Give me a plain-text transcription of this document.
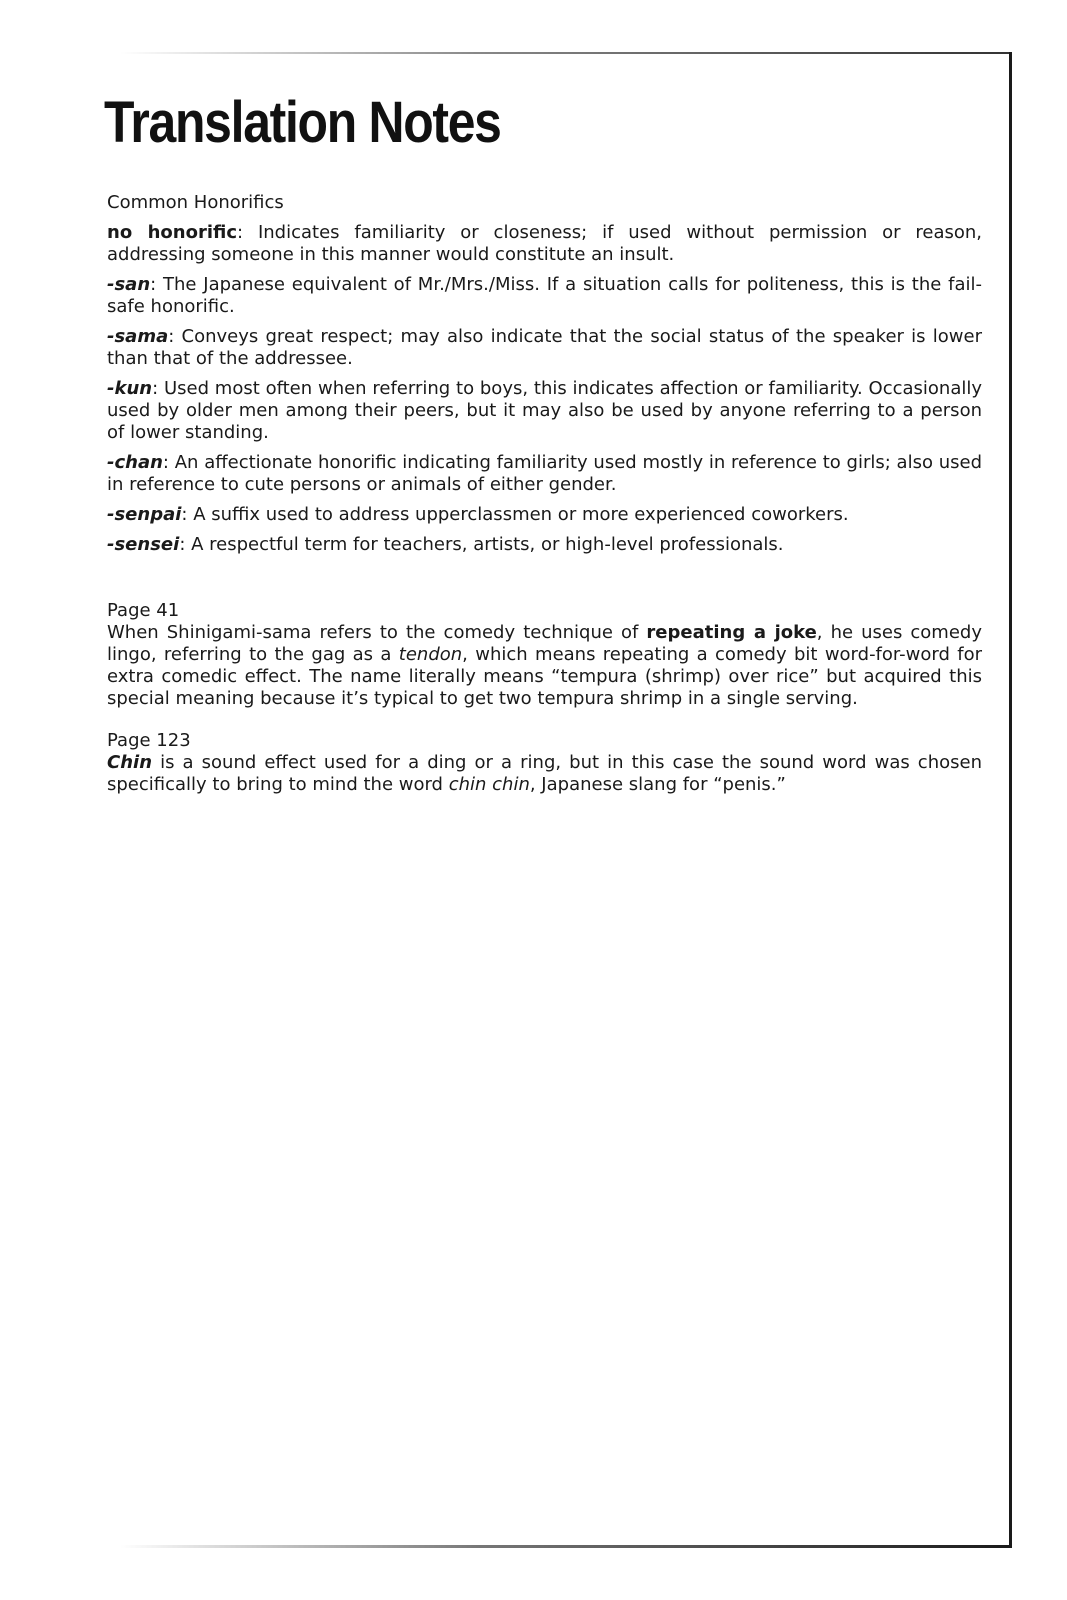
Translation Notes

Common Honorifics

no honorific: Indicates familiarity or closeness; if used without permission or reason, addressing someone in this manner would constitute an insult.

-san: The Japanese equivalent of Mr./Mrs./Miss. If a situation calls for politeness, this is the fail-safe honorific.

-sama: Conveys great respect; may also indicate that the social status of the speaker is lower than that of the addressee.

-kun: Used most often when referring to boys, this indicates affection or familiarity. Occasionally used by older men among their peers, but it may also be used by anyone referring to a person of lower standing.

-chan: An affectionate honorific indicating familiarity used mostly in reference to girls; also used in reference to cute persons or animals of either gender.

-senpai: A suffix used to address upperclassmen or more experienced coworkers.

-sensei: A respectful term for teachers, artists, or high-level professionals.

Page 41

When Shinigami-sama refers to the comedy technique of repeating a joke, he uses comedy lingo, referring to the gag as a tendon, which means repeating a comedy bit word-for-word for extra comedic effect. The name literally means “tempura (shrimp) over rice” but acquired this special meaning because it’s typical to get two tempura shrimp in a single serving.

Page 123

Chin is a sound effect used for a ding or a ring, but in this case the sound word was chosen specifically to bring to mind the word chin chin, Japanese slang for “penis.”
